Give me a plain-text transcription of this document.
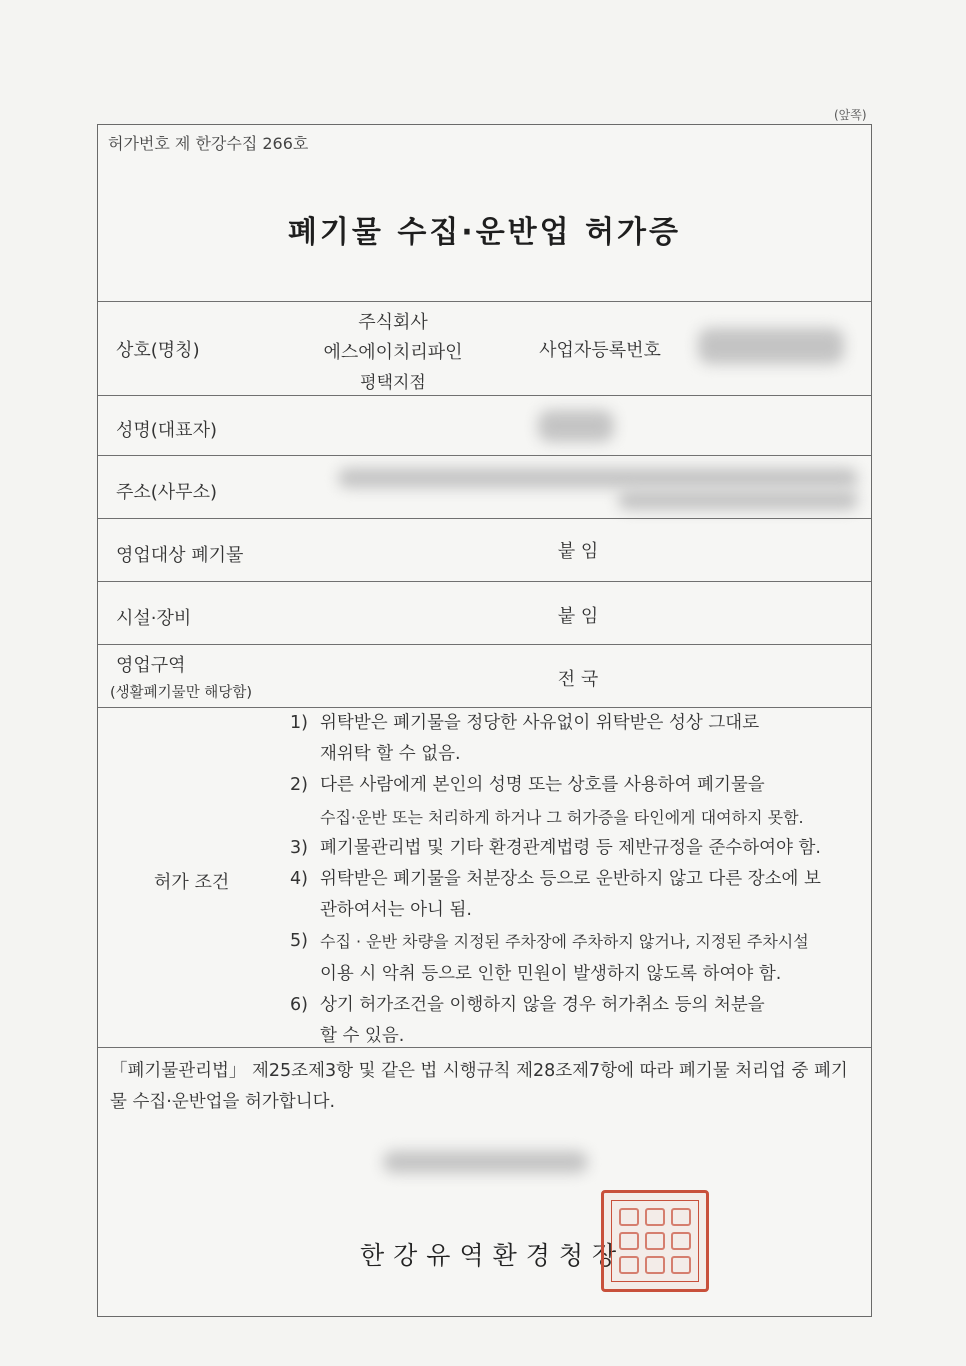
(앞쪽)
허가번호 제 한강수집 266호
폐기물 수집·운반업 허가증
상호(명칭)
주식회사
에스에이치리파인
평택지점
사업자등록번호
성명(대표자)
주소(사무소)
영업대상 폐기물	붙 임
시설·장비	붙 임
영업구역
(생활폐기물만 해당함)
전 국
허가 조건
1) 위탁받은 폐기물을 정당한 사유없이 위탁받은 성상 그대로
재위탁 할 수 없음.
2) 다른 사람에게 본인의 성명 또는 상호를 사용하여 폐기물을
수집·운반 또는 처리하게 하거나 그 허가증을 타인에게 대여하지 못함.
3) 폐기물관리법 및 기타 환경관계법령 등 제반규정을 준수하여야 함.
4) 위탁받은 폐기물을 처분장소 등으로 운반하지 않고 다른 장소에 보
관하여서는 아니 됨.
5) 수집 · 운반 차량을 지정된 주차장에 주차하지 않거나, 지정된 주차시설
이용 시 악취 등으로 인한 민원이 발생하지 않도록 하여야 함.
6) 상기 허가조건을 이행하지 않을 경우 허가취소 등의 처분을
할 수 있음.
「폐기물관리법」 제25조제3항 및 같은 법 시행규칙 제28조제7항에 따라 폐기물 처리업 중 폐기물 수집·운반업을 허가합니다.
한강유역환경청장
